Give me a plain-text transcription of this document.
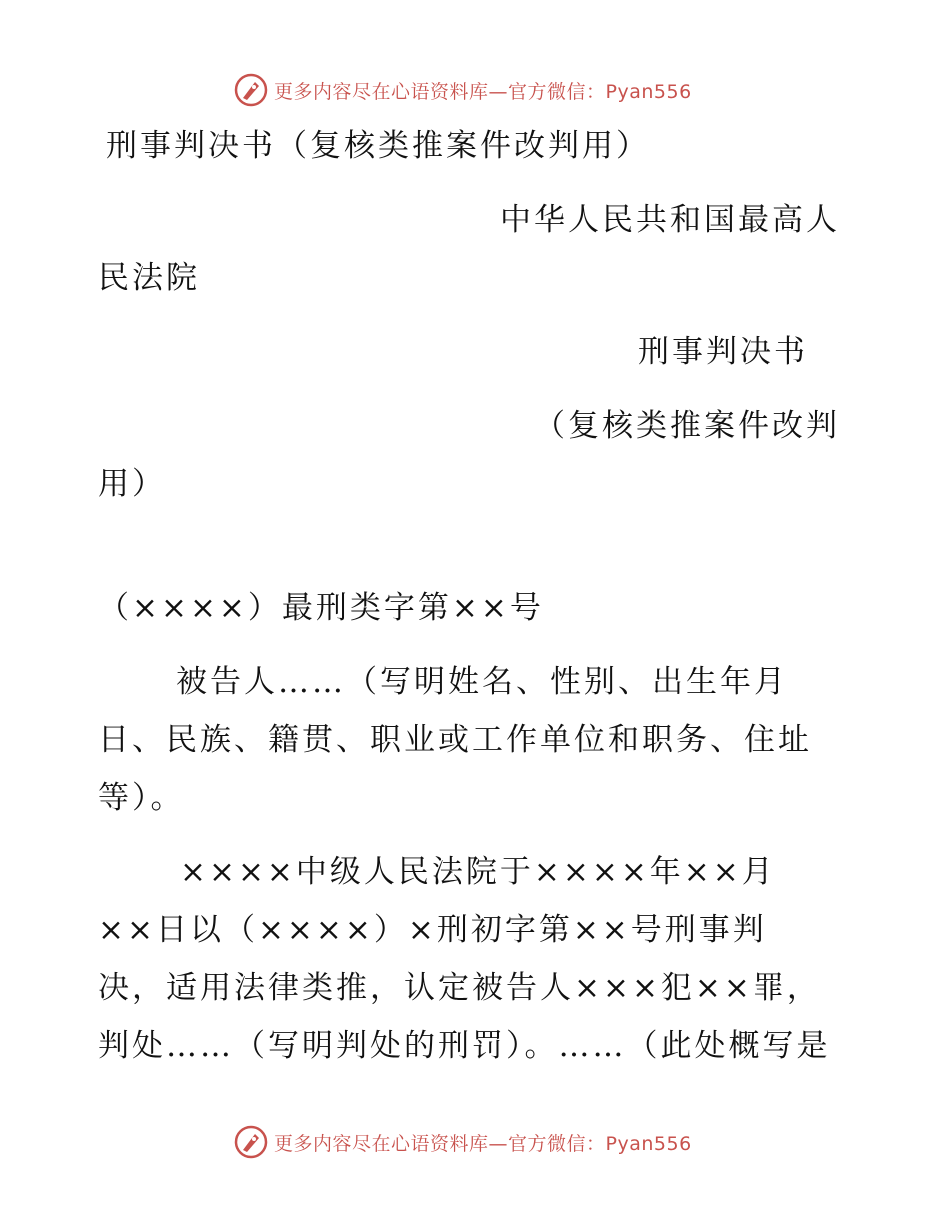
更多内容尽在心语资料库—官方微信：Pyan556
刑事判决书（复核类推案件改判用）
中华人民共和国最高人
民法院
刑事判决书
（复核类推案件改判
用）
（××××）最刑类字第××号
被告人……（写明姓名、性别、出生年月
日、民族、籍贯、职业或工作单位和职务、住址
等）。
××××中级人民法院于××××年××月
××日以（××××）×刑初字第××号刑事判
决，适用法律类推，认定被告人×××犯××罪，
判处……（写明判处的刑罚）。……（此处概写是
更多内容尽在心语资料库—官方微信：Pyan556
